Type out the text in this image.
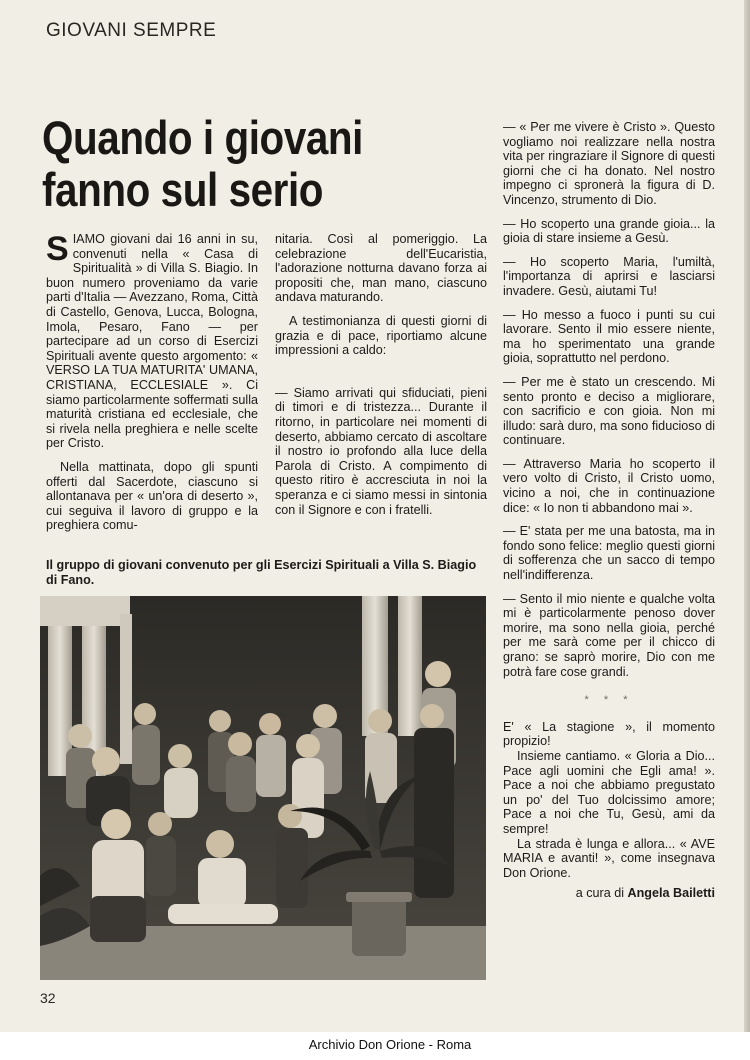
GIOVANI SEMPRE
Quando i giovani fanno sul serio

SIAMO giovani dai 16 anni in su, convenuti nella « Casa di Spiritualità » di Villa S. Biagio. In buon numero proveniamo da varie parti d'Italia — Avezzano, Roma, Città di Castello, Genova, Lucca, Bologna, Imola, Pesaro, Fano — per partecipare ad un corso di Esercizi Spirituali avente questo argomento: « VERSO LA TUA MATURITA' UMANA, CRISTIANA, ECCLESIALE ». Ci siamo particolarmente soffermati sulla maturità cristiana ed ecclesiale, che si rivela nella preghiera e nelle scelte per Cristo.

Nella mattinata, dopo gli spunti offerti dal Sacerdote, ciascuno si allontanava per « un'ora di deserto », cui seguiva il lavoro di gruppo e la preghiera comu-

nitaria. Così al pomeriggio. La celebrazione dell'Eucaristia, l'adorazione notturna davano forza ai propositi che, man mano, ciascuno andava maturando.

A testimonianza di questi giorni di grazia e di pace, riportiamo alcune impressioni a caldo:

— Siamo arrivati qui sfiduciati, pieni di timori e di tristezza... Durante il ritorno, in particolare nei momenti di deserto, abbiamo cercato di ascoltare il nostro io profondo alla luce della Parola di Cristo. A compimento di questo ritiro è accresciuta in noi la speranza e ci siamo messi in sintonia con il Signore e con i fratelli.

— « Per me vivere è Cristo ». Questo vogliamo noi realizzare nella nostra vita per ringraziare il Signore di questi giorni che ci ha donato. Nel nostro impegno ci spronerà la figura di D. Vincenzo, strumento di Dio.

— Ho scoperto una grande gioia... la gioia di stare insieme a Gesù.

— Ho scoperto Maria, l'umiltà, l'importanza di aprirsi e lasciarsi invadere. Gesù, aiutami Tu!

— Ho messo a fuoco i punti su cui lavorare. Sento il mio essere niente, ma ho sperimentato una grande gioia, soprattutto nel perdono.

— Per me è stato un crescendo. Mi sento pronto e deciso a migliorare, con sacrificio e con gioia. Non mi illudo: sarà duro, ma sono fiducioso di continuare.

— Attraverso Maria ho scoperto il vero volto di Cristo, il Cristo uomo, vicino a noi, che in continuazione dice: « Io non ti abbandono mai ».

— E' stata per me una batosta, ma in fondo sono felice: meglio questi giorni di sofferenza che un sacco di tempo nell'indifferenza.

— Sento il mio niente e qualche volta mi è particolarmente penoso dover morire, ma sono nella gioia, perché per me sarà come per il chicco di grano: se saprò morire, Dio con me potrà fare cose grandi.

* * *

E' « La stagione », il momento propizio!

Insieme cantiamo. « Gloria a Dio... Pace agli uomini che Egli ama! ». Pace a noi che abbiamo pregustato un po' del Tuo dolcissimo amore; Pace a noi che Tu, Gesù, ami da sempre!

La strada è lunga e allora... « AVE MARIA e avanti! », come insegnava Don Orione.

a cura di Angela Bailetti
Il gruppo di giovani convenuto per gli Esercizi Spirituali a Villa S. Biagio di Fano.
32
Archivio Don Orione - Roma
